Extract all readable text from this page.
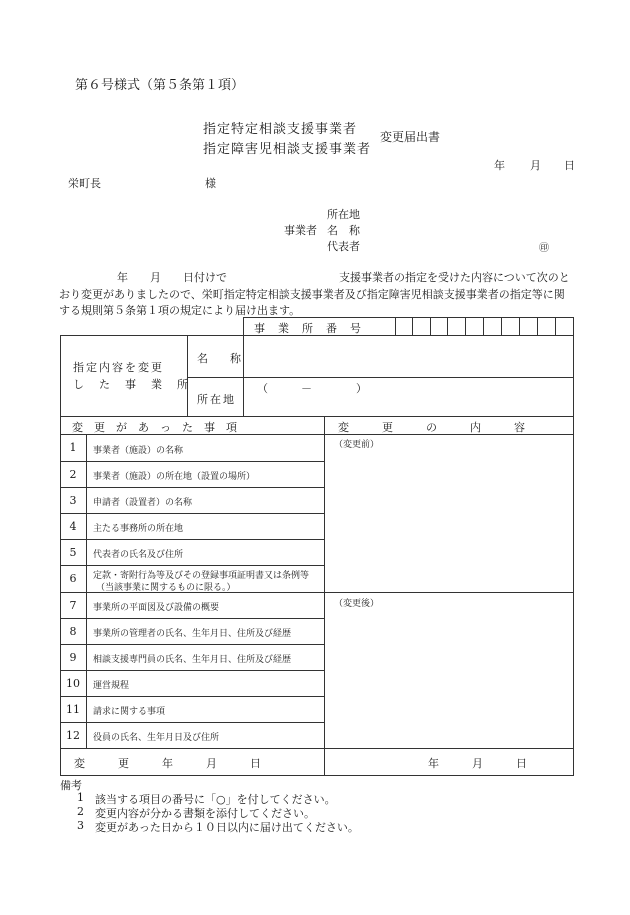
第６号様式（第５条第１項）
指定特定相談支援事業者
指定障害児相談支援事業者
変更届出書
年 月 日
栄町長	様
所在地
事業者 名　称
代表者	㊞
年 月 日付けで	支援事業者の指定を受けた内容について次のと
おり変更がありましたので、栄町指定特定相談支援事業者及び指定障害児相談支援事業者の指定等に関
する規則第５条第１項の規定により届け出ます。
事　業　所　番　号
指定内容を変更
し　た　事　業　所
名　　称
所在地
（　　　－　　　　）
変　更　が　あ　っ　た　事　項	変　　　更　　　の　　　内　　　容
（変更前）
（変更後）
1	事業者（施設）の名称
2	事業者（施設）の所在地（設置の場所）
3	申請者（設置者）の名称
4	主たる事務所の所在地
5	代表者の氏名及び住所
6	定款・寄附行為等及びその登録事項証明書又は条例等
（当該事業に関するものに限る。）
7	事業所の平面図及び設備の概要
8	事業所の管理者の氏名、生年月日、住所及び経歴
9	相談支援専門員の氏名、生年月日、住所及び経歴
10	運営規程
11	請求に関する事項
12	役員の氏名、生年月日及び住所
変　　　更　　　年　　　月　　　日	年　　　月　　　日
備考
1 該当する項目の番号に「○」を付してください。
2 変更内容が分かる書類を添付してください。
3 変更があった日から１０日以内に届け出てください。
